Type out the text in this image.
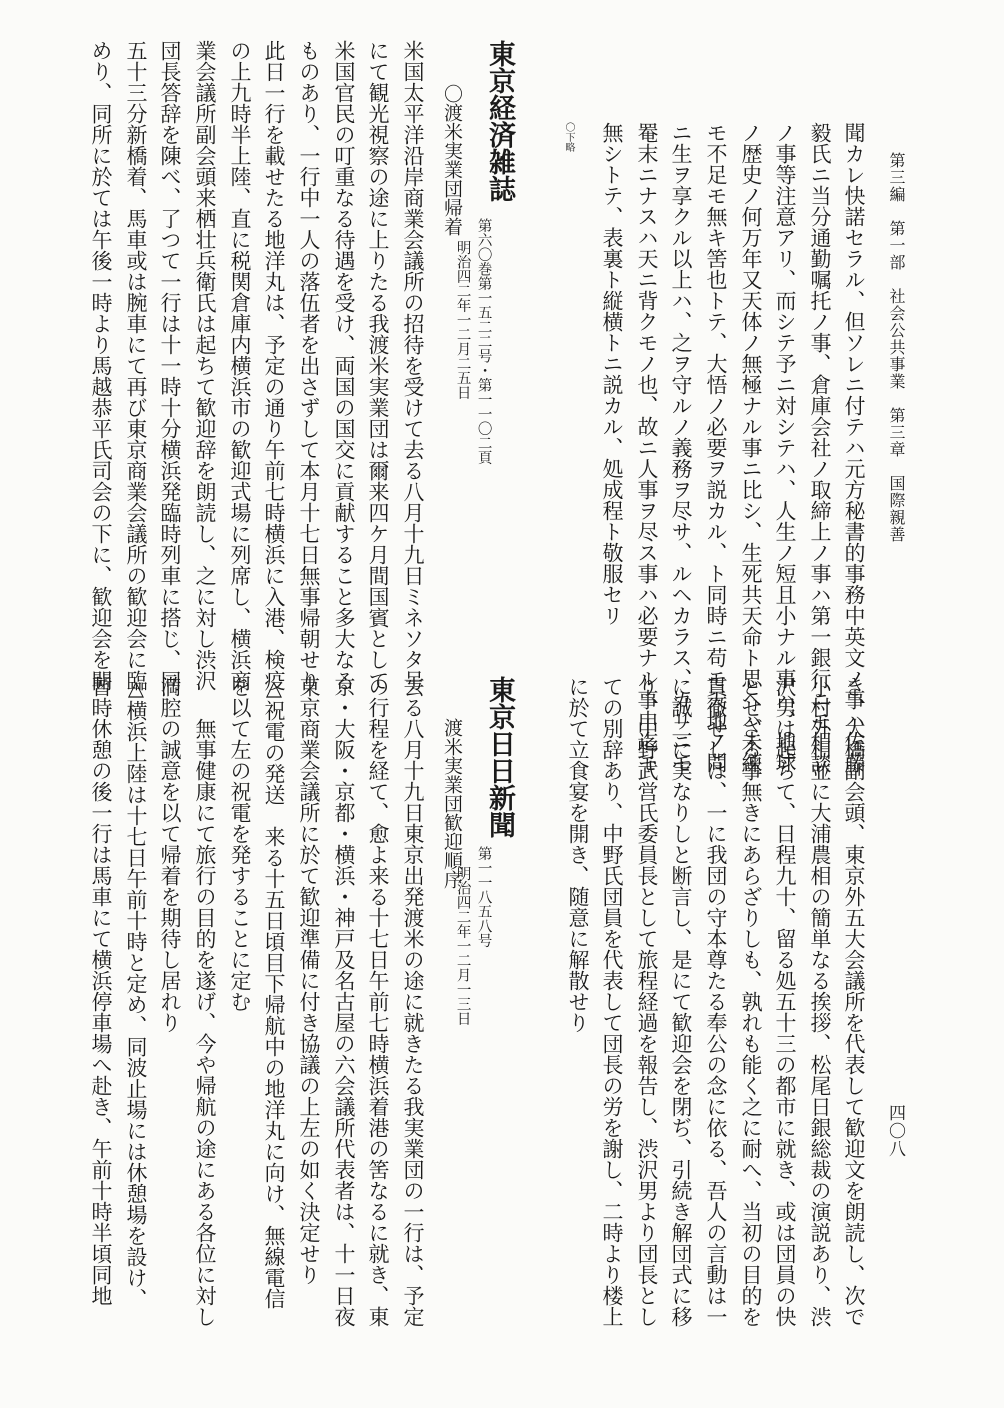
第三編　第一部　社会公共事業　第三章　国際親善
四〇八
聞カレ快諾セラル、但ソレニ付テハ元方秘書的事務中英文ノ事ハ佐藤
毅氏ニ当分通勤嘱托ノ事、倉庫会社ノ取締上ノ事ハ第一銀行ニモ相談
ノ事等注意アリ、而シテ予ニ対シテハ、人生ノ短且小ナル事ハ、地球
ノ歴史ノ何万年又天体ノ無極ナル事ニ比シ、生死共天命ト思ヘハ未練
モ不足モ無キ筈也トテ、大悟ノ必要ヲ説カル、ト同時ニ苟モ天地ノ間
ニ生ヲ享クル以上ハ、之ヲ守ルノ義務ヲ尽サ、ルヘカラス、カリニモ
罨末ニナスハ天ニ背クモノ也、故ニ人事ヲ尽ス事ハ必要ナル事申迄モ
無シトテ、表裏ト縦横トニ説カル、処成程ト敬服セリ
〇下略
東京経済雑誌
第六〇巻第一五二二号・第一一〇二頁
明治四二年一二月二五日
〇渡米実業団帰着
米国太平洋沿岸商業会議所の招待を受けて去る八月十九日ミネソタ号
にて観光視察の途に上りたる我渡米実業団は爾来四ケ月間国賓として
米国官民の叮重なる待遇を受け、両国の国交に貢献すること多大なる
ものあり、一行中一人の落伍者を出さずして本月十七日無事帰朝せり
此日一行を載せたる地洋丸は、予定の通り午前七時横浜に入港、検疫
の上九時半上陸、直に税関倉庫内横浜市の歓迎式場に列席し、横浜商
業会議所副会頭来栖壮兵衛氏は起ちて歓迎辞を朗読し、之に対し渋沢
団長答辞を陳べ、了つて一行は十一時十分横浜発臨時列車に搭じ、同
五十三分新橋着、馬車或は腕車にて再び東京商業会議所の歓迎会に臨
めり、同所に於ては午後一時より馬越恭平氏司会の下に、歓迎会を開
き、大橋副会頭、東京外五大会議所を代表して歓迎文を朗読し、次で
小村外相並に大浦農相の簡単なる挨拶、松尾日銀総裁の演説あり、渋
沢男は起ちて、日程九十、留る処五十三の都市に就き、或は団員の快
とせざる事無きにあらざりしも、孰れも能く之に耐へ、当初の目的を
貫徹せしは、一に我団の守本尊たる奉公の念に依る、吾人の言動は一
に誠二に実なりしと断言し、是にて歓迎会を閉ぢ、引続き解団式に移
り、中野武営氏委員長として旅程経過を報告し、渋沢男より団長とし
ての別辞あり、中野氏団員を代表して団長の労を謝し、二時より楼上
に於て立食宴を開き、随意に解散せり
東京日日新聞
第一一八五八号
明治四二年一二月一三日
渡米実業団歓迎順序
去る八月十九日東京出発渡米の途に就きたる我実業団の一行は、予定
の行程を経て、愈よ来る十七日午前七時横浜着港の筈なるに就き、東
京・大阪・京都・横浜・神戸及名古屋の六会議所代表者は、十一日夜
東京商業会議所に於て歓迎準備に付き協議の上左の如く決定せり
△祝電の発送　来る十五日頃目下帰航中の地洋丸に向け、無線電信
を以て左の祝電を発することに定む
無事健康にて旅行の目的を遂げ、今や帰航の途にある各位に対し
満腔の誠意を以て帰着を期待し居れり
△横浜上陸は十七日午前十時と定め、同波止場には休憩場を設け、
暫時休憩の後一行は馬車にて横浜停車場へ赴き、午前十時半頃同地
